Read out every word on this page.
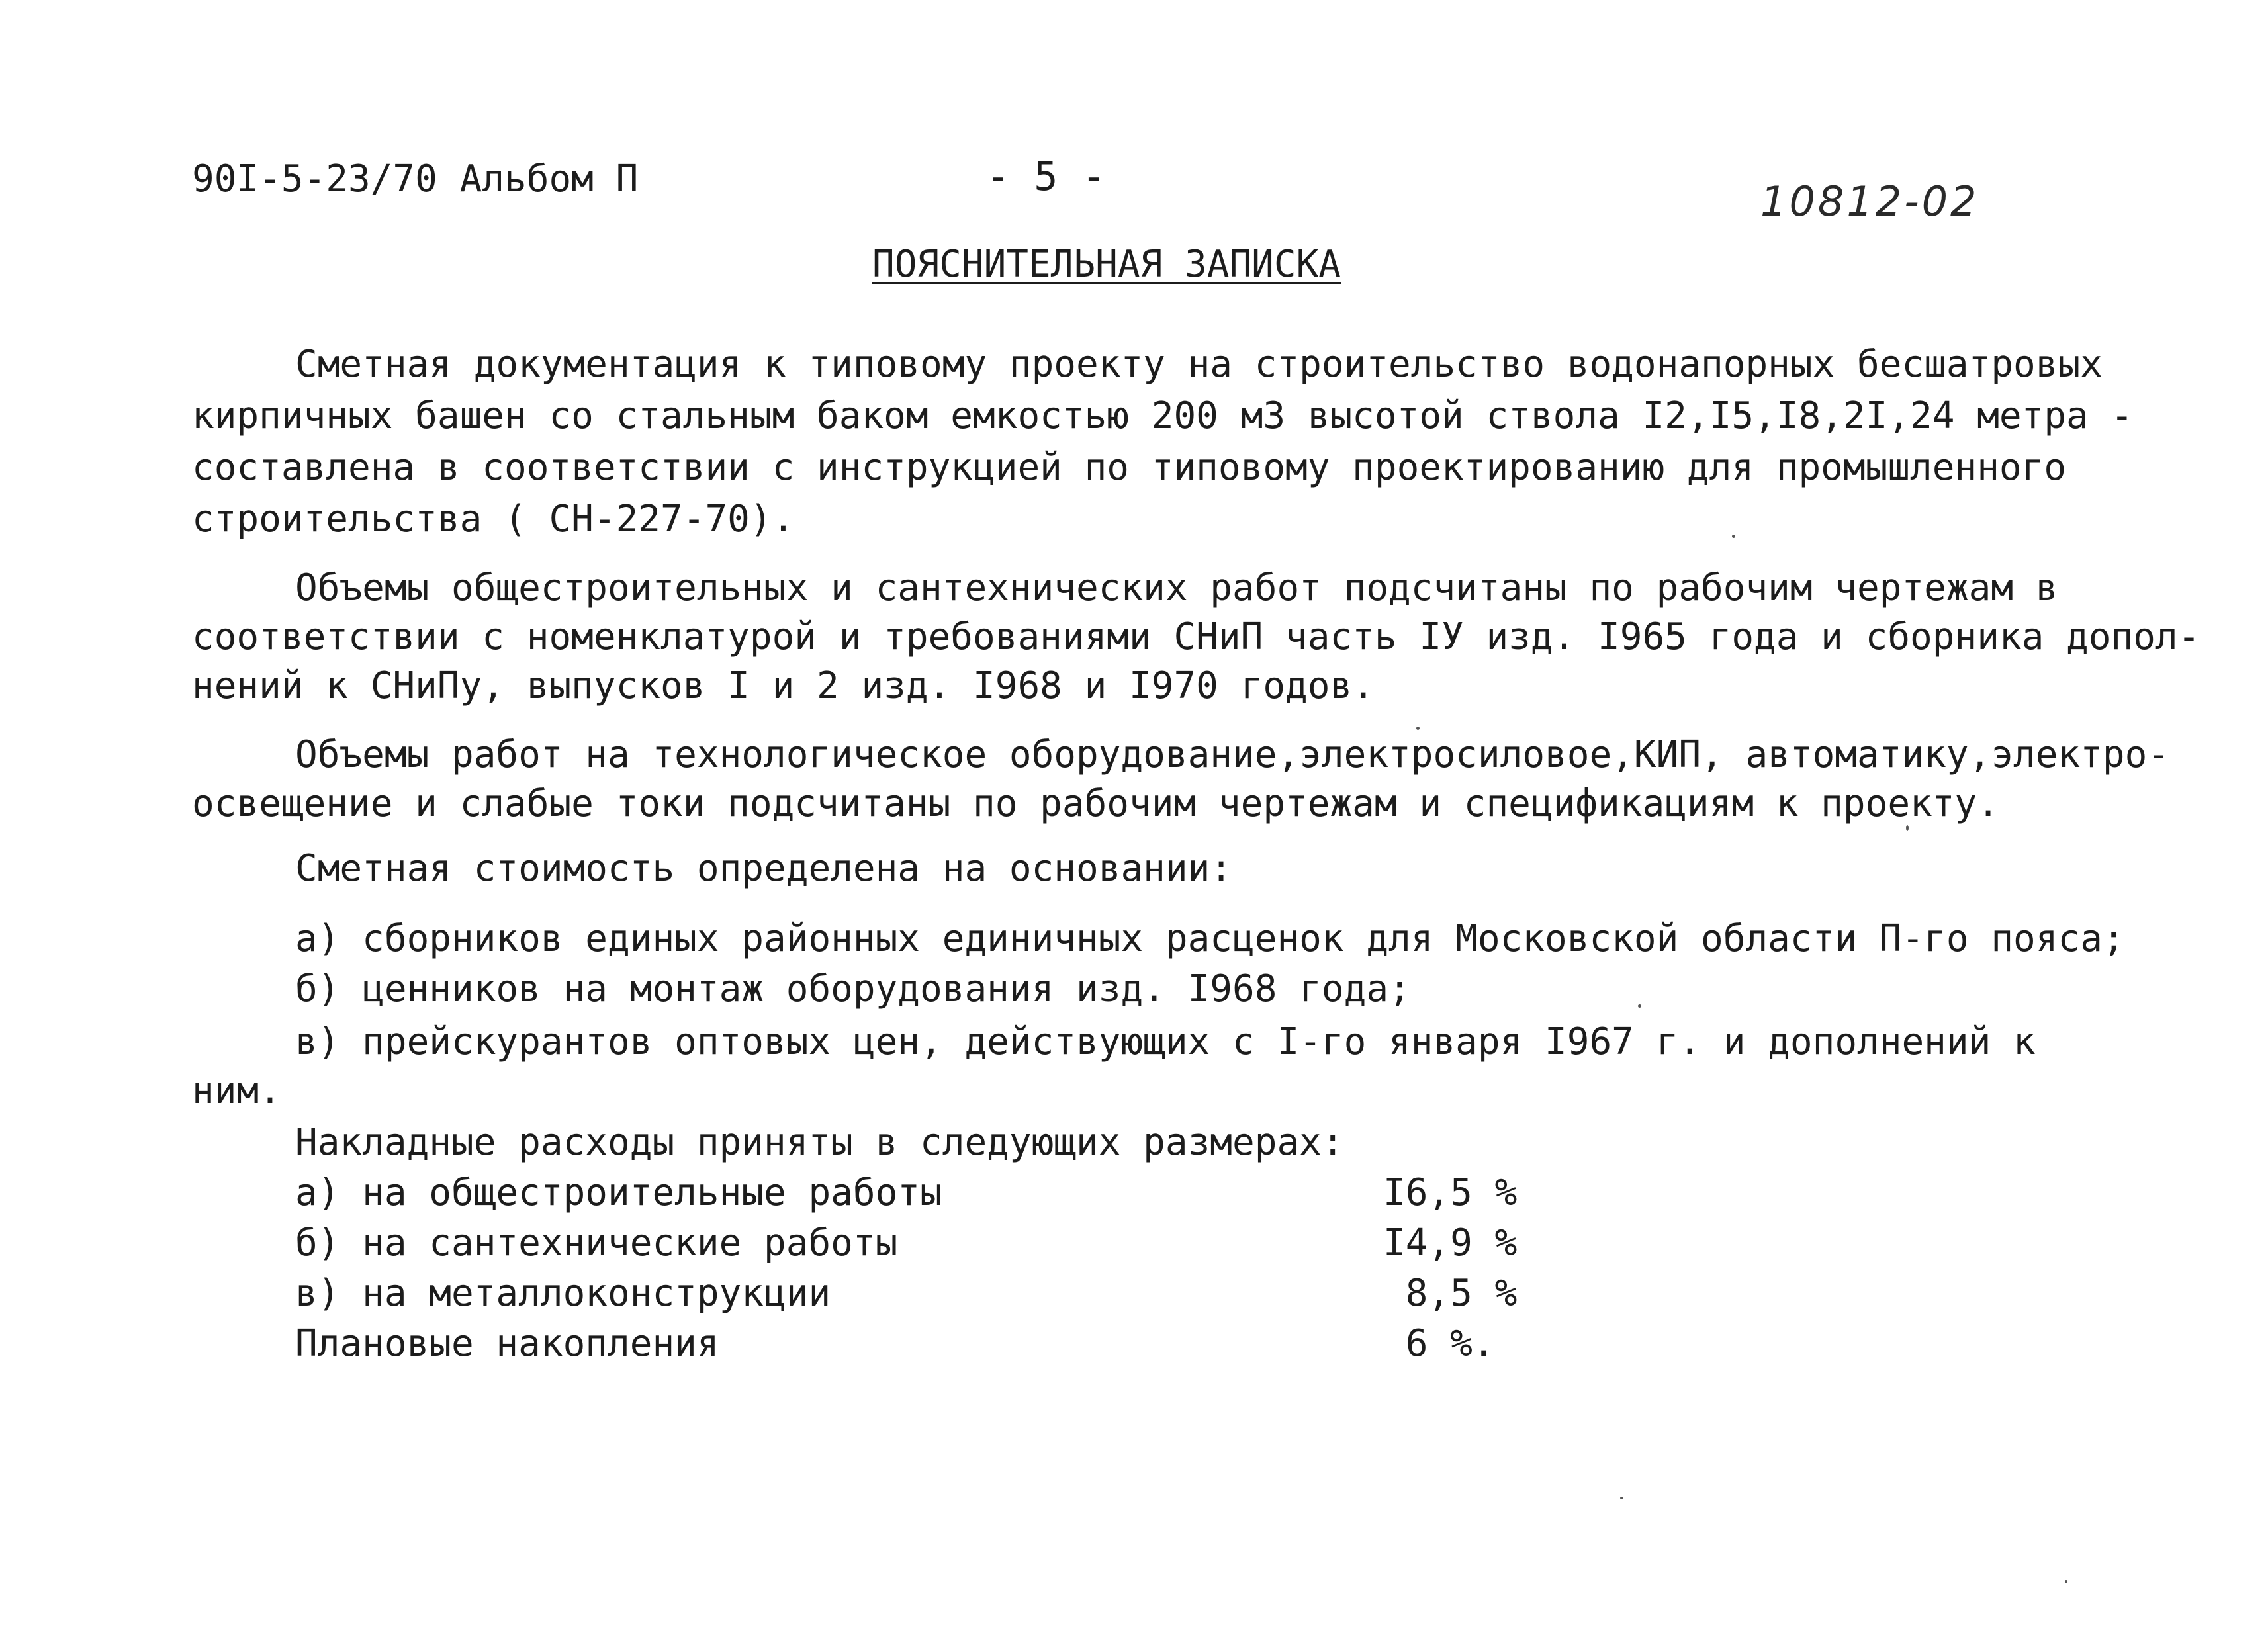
90I-5-23/70 Альбом П	- 5 -
10812-02
ПОЯСНИТЕЛЬНАЯ ЗАПИСКА
Сметная документация к типовому проекту на строительство водонапорных бесшатровых
кирпичных башен со стальным баком емкостью 200 м3 высотой ствола I2,I5,I8,2I,24 метра -
составлена в соответствии с инструкцией по типовому проектированию для промышленного
строительства ( СН-227-70).
Объемы общестроительных и сантехнических работ подсчитаны по рабочим чертежам в
соответствии с номенклатурой и требованиями СНиП часть IУ изд. I965 года и сборника допол-
нений к СНиПу, выпусков I и 2 изд. I968 и I970 годов.
Объемы работ на технологическое оборудование,электросиловое,КИП, автоматику,электро-
освещение и слабые токи подсчитаны по рабочим чертежам и спецификациям к проекту.
Сметная стоимость определена на основании:
а) сборников единых районных единичных расценок для Московской области П-го пояса;
б) ценников на монтаж оборудования изд. I968 года;
в) прейскурантов оптовых цен, действующих с I-го января I967 г. и дополнений к
ним.
Накладные расходы приняты в следующих размерах:
а) на общестроительные работы	I6,5 %
б) на сантехнические работы	I4,9 %
в) на металлоконструкции	8,5 %
Плановые накопления	6 %.
